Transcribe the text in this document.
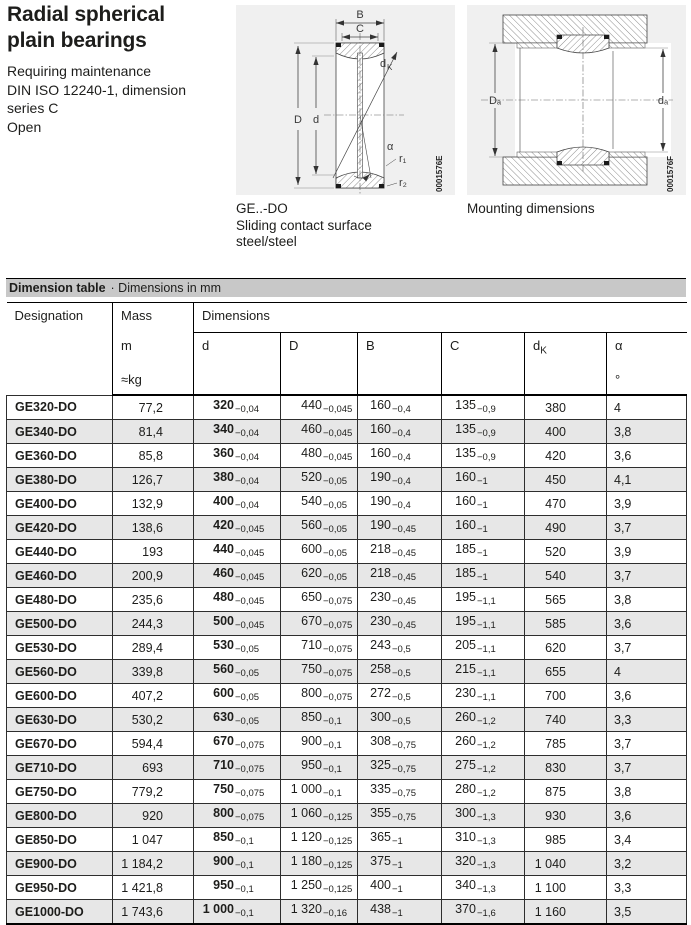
Radial spherical
plain bearings
Requiring maintenance
DIN ISO 12240-1, dimension
series C
Open
B
C
D d
d K
α
r₁
r₂	0001576E
Dₐ	dₐ
0001576F
GE..-DO
Sliding contact surface
steel/steel
Mounting dimensions
Dimension table · Dimensions in mm
Designation	Mass	Dimensions					
	m	d	D	B	C	$d_K$	α
	≈kg						°
GE320-DO	77,2	$320_{-0,04}$	$440_{-0,045}$	$160_{-0,4}$	$135_{-0,9}$	380	4
GE340-DO	81,4	$340_{-0,04}$	$460_{-0,045}$	$160_{-0,4}$	$135_{-0,9}$	400	3,8
GE360-DO	85,8	$360_{-0,04}$	$480_{-0,045}$	$160_{-0,4}$	$135_{-0,9}$	420	3,6
GE380-DO	126,7	$380_{-0,04}$	$520_{-0,05}$	$190_{-0,4}$	$160_{-1}$	450	4,1
GE400-DO	132,9	$400_{-0,04}$	$540_{-0,05}$	$190_{-0,4}$	$160_{-1}$	470	3,9
GE420-DO	138,6	$420_{-0,045}$	$560_{-0,05}$	$190_{-0,45}$	$160_{-1}$	490	3,7
GE440-DO	193	$440_{-0,045}$	$600_{-0,05}$	$218_{-0,45}$	$185_{-1}$	520	3,9
GE460-DO	200,9	$460_{-0,045}$	$620_{-0,05}$	$218_{-0,45}$	$185_{-1}$	540	3,7
GE480-DO	235,6	$480_{-0,045}$	$650_{-0,075}$	$230_{-0,45}$	$195_{-1,1}$	565	3,8
GE500-DO	244,3	$500_{-0,045}$	$670_{-0,075}$	$230_{-0,45}$	$195_{-1,1}$	585	3,6
GE530-DO	289,4	$530_{-0,05}$	$710_{-0,075}$	$243_{-0,5}$	$205_{-1,1}$	620	3,7
GE560-DO	339,8	$560_{-0,05}$	$750_{-0,075}$	$258_{-0,5}$	$215_{-1,1}$	655	4
GE600-DO	407,2	$600_{-0,05}$	$800_{-0,075}$	$272_{-0,5}$	$230_{-1,1}$	700	3,6
GE630-DO	530,2	$630_{-0,05}$	$850_{-0,1}$	$300_{-0,5}$	$260_{-1,2}$	740	3,3
GE670-DO	594,4	$670_{-0,075}$	$900_{-0,1}$	$308_{-0,75}$	$260_{-1,2}$	785	3,7
GE710-DO	693	$710_{-0,075}$	$950_{-0,1}$	$325_{-0,75}$	$275_{-1,2}$	830	3,7
GE750-DO	779,2	$750_{-0,075}$	1 $000_{-0,1}$	$335_{-0,75}$	$280_{-1,2}$	875	3,8
GE800-DO	920	$800_{-0,075}$	1 $060_{-0,125}$	$355_{-0,75}$	$300_{-1,3}$	930	3,6
GE850-DO	1 047	$850_{-0,1}$	1 $120_{-0,125}$	$365_{-1}$	$310_{-1,3}$	985	3,4
GE900-DO	1 184,2	$900_{-0,1}$	1 $180_{-0,125}$	$375_{-1}$	$320_{-1,3}$	1 040	3,2
GE950-DO	1 421,8	$950_{-0,1}$	1 $250_{-0,125}$	$400_{-1}$	$340_{-1,3}$	1 100	3,3
GE1000-DO	1 743,6	1 $000_{-0,1}$	1 $320_{-0,16}$	$438_{-1}$	$370_{-1,6}$	1 160	3,5
